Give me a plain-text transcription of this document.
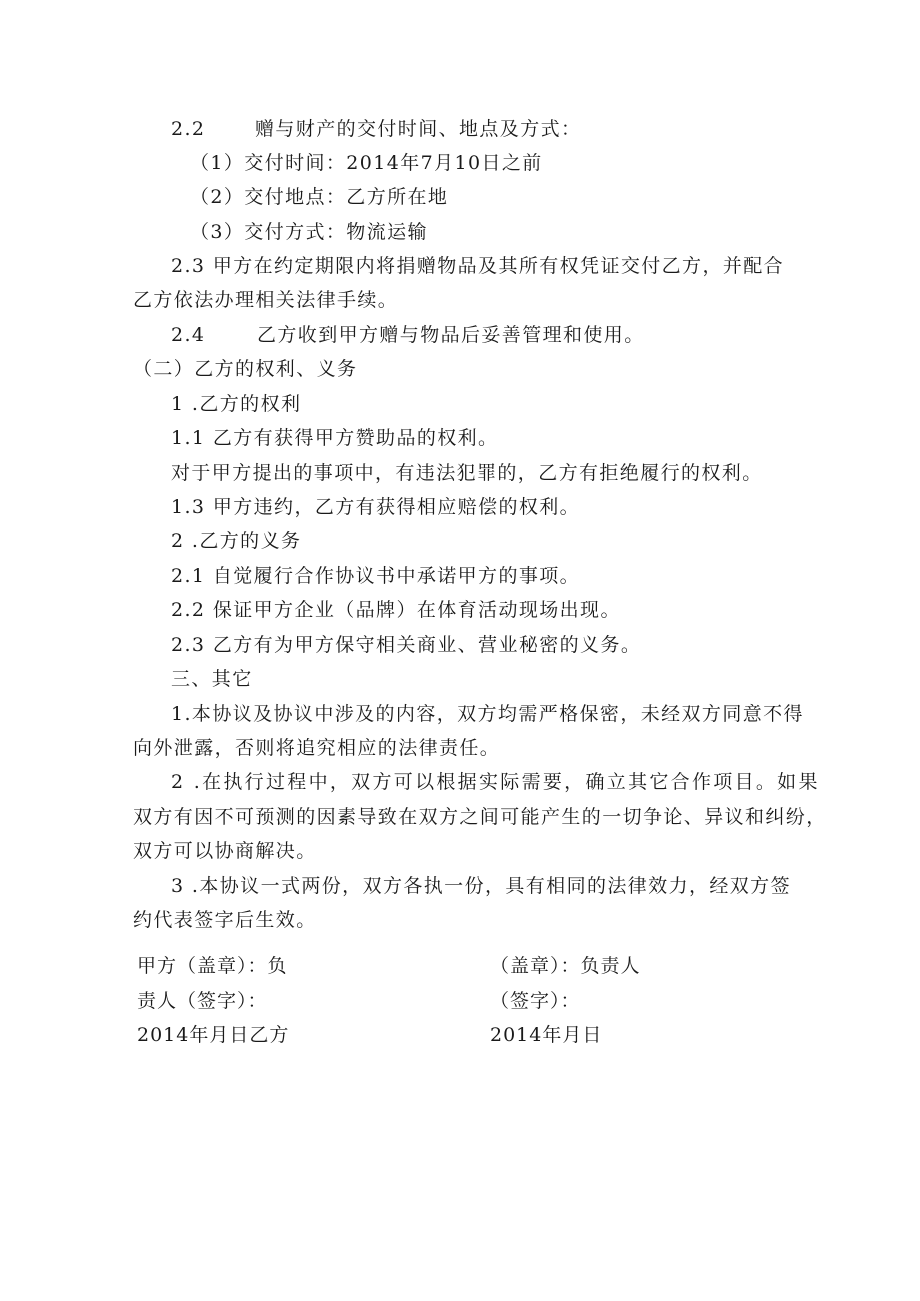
2.2	赠与财产的交付时间、地点及方式：
（1）交付时间：2014年7月10日之前
（2）交付地点：乙方所在地
（3）交付方式：物流运输
2.3 甲方在约定期限内将捐赠物品及其所有权凭证交付乙方，并配合
乙方依法办理相关法律手续。
2.4	乙方收到甲方赠与物品后妥善管理和使用。
（二）乙方的权利、义务
1 .乙方的权利
1.1 乙方有获得甲方赞助品的权利。
对于甲方提出的事项中，有违法犯罪的，乙方有拒绝履行的权利。
1.3 甲方违约，乙方有获得相应赔偿的权利。
2 .乙方的义务
2.1 自觉履行合作协议书中承诺甲方的事项。
2.2 保证甲方企业（品牌）在体育活动现场出现。
2.3 乙方有为甲方保守相关商业、营业秘密的义务。
三、其它
1.本协议及协议中涉及的内容，双方均需严格保密，未经双方同意不得
向外泄露，否则将追究相应的法律责任。
2 .在执行过程中，双方可以根据实际需要，确立其它合作项目。如果
双方有因不可预测的因素导致在双方之间可能产生的一切争论、异议和纠纷，
双方可以协商解决。
3 .本协议一式两份，双方各执一份，具有相同的法律效力，经双方签
约代表签字后生效。
甲方（盖章）：负
责人（签字）：
2014年月日乙方
（盖章）：负责人
（签字）：
2014年月日
